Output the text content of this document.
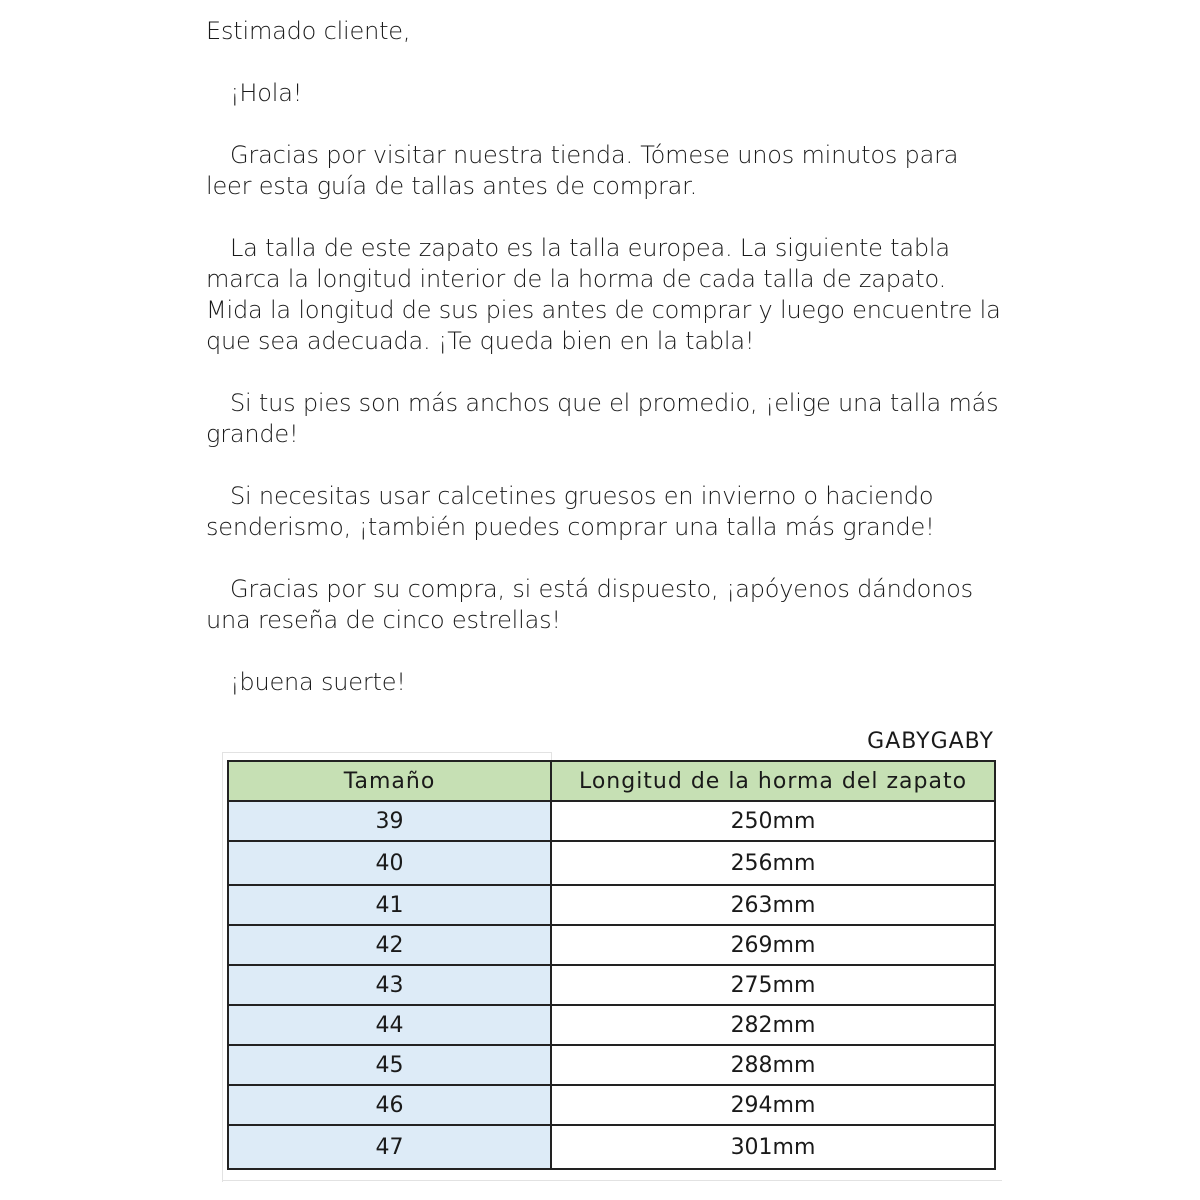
Estimado cliente,

¡Hola!

Gracias por visitar nuestra tienda. Tómese unos minutos para leer esta guía de tallas antes de comprar.

La talla de este zapato es la talla europea. La siguiente tabla marca la longitud interior de la horma de cada talla de zapato. Mida la longitud de sus pies antes de comprar y luego encuentre la que sea adecuada. ¡Te queda bien en la tabla!

Si tus pies son más anchos que el promedio, ¡elige una talla más grande!

Si necesitas usar calcetines gruesos en invierno o haciendo senderismo, ¡también puedes comprar una talla más grande!

Gracias por su compra, si está dispuesto, ¡apóyenos dándonos una reseña de cinco estrellas!

¡buena suerte!

GABYGABY
Tamaño	Longitud de la horma del zapato
39	250mm
40	256mm
41	263mm
42	269mm
43	275mm
44	282mm
45	288mm
46	294mm
47	301mm
